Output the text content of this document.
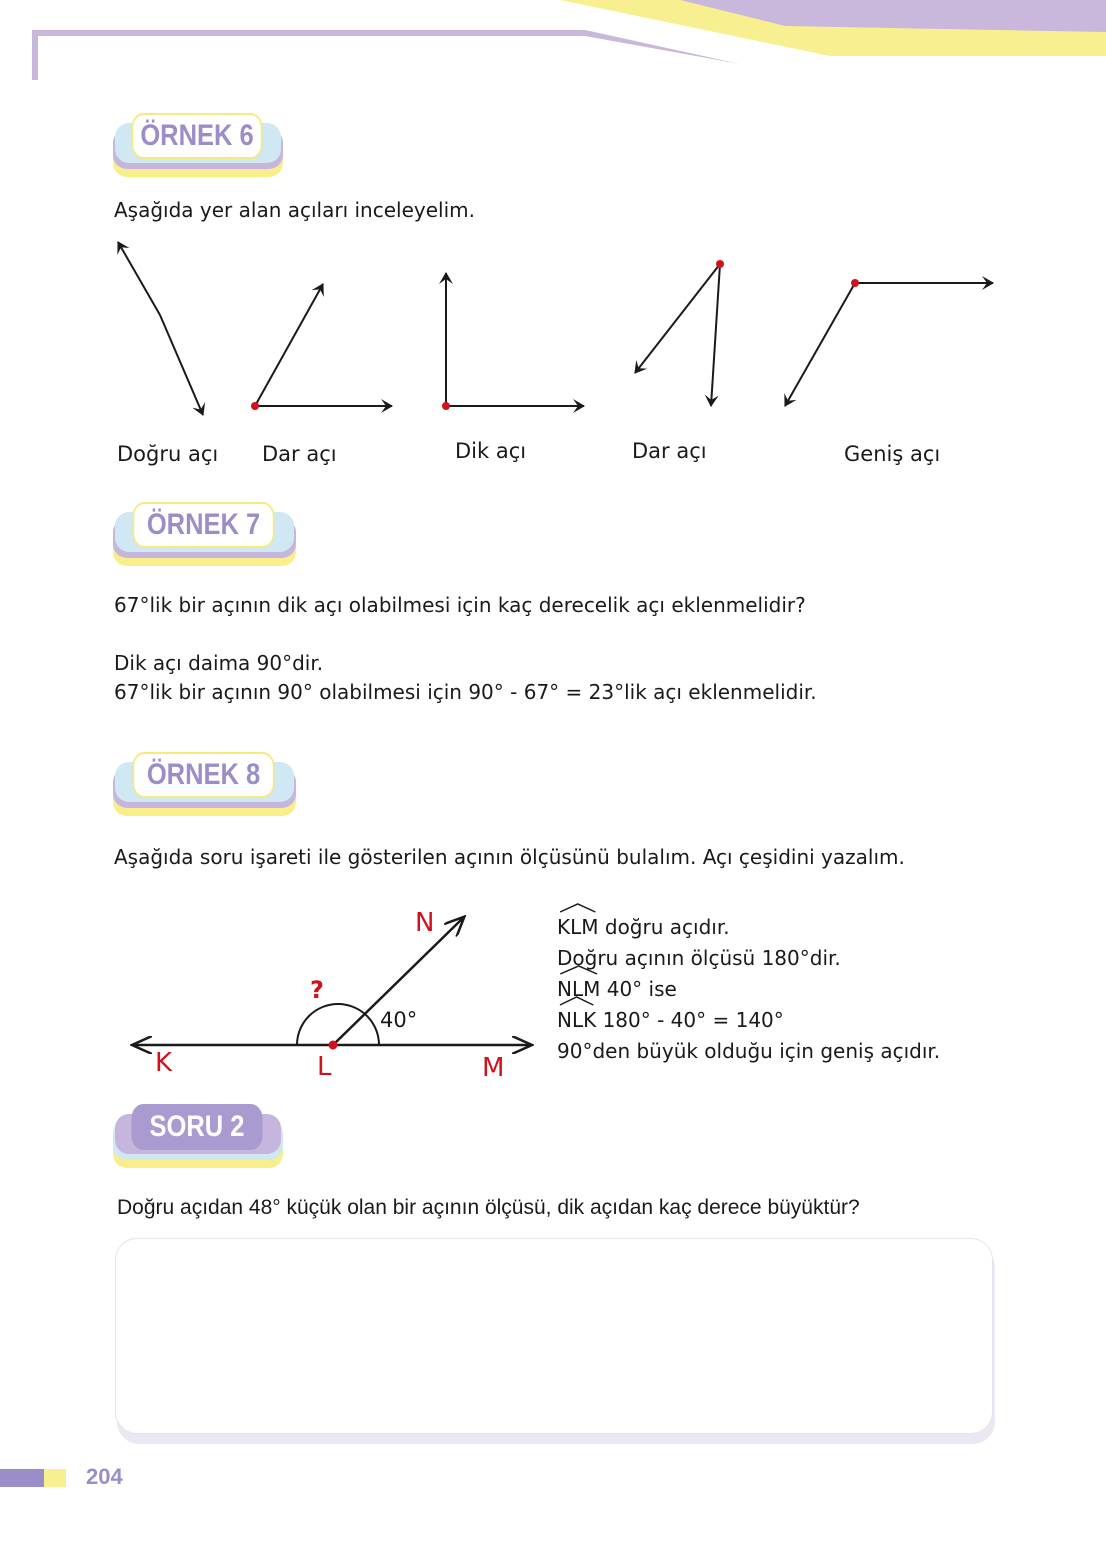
ÖRNEK 6
Aşağıda yer alan açıları inceleyelim.
Doğru açı Dar açı	Dik açı	Dar açı	Geniş açı
ÖRNEK 7
67°lik bir açının dik açı olabilmesi için kaç derecelik açı eklenmelidir?
Dik açı daima 90°dir.
67°lik bir açının 90° olabilmesi için 90° - 67° = 23°lik açı eklenmelidir.
ÖRNEK 8
Aşağıda soru işareti ile gösterilen açının ölçüsünü bulalım. Açı çeşidini yazalım.
N
?
40°
K	L	M
KLM doğru açıdır.
Doğru açının ölçüsü 180°dir.
NLM 40° ise
NLK 180° - 40° = 140°
90°den büyük olduğu için geniş açıdır.
SORU 2
Doğru açıdan 48° küçük olan bir açının ölçüsü, dik açıdan kaç derece büyüktür?
204
